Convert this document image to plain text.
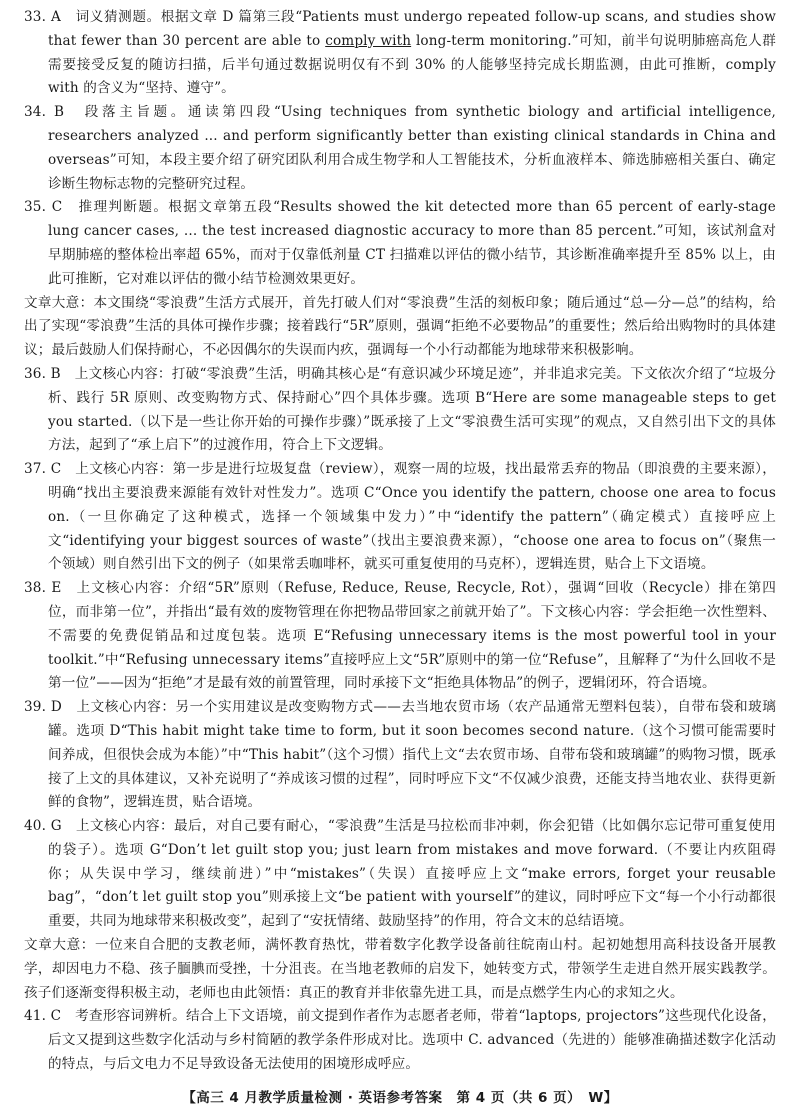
33. A　词义猜测题。根据文章 D 篇第三段“Patients must undergo repeated follow-up scans, and studies show that fewer than 30 percent are able to comply with long-term monitoring.”可知，前半句说明肺癌高危人群需要接受反复的随访扫描，后半句通过数据说明仅有不到 30% 的人能够坚持完成长期监测，由此可推断，comply with 的含义为“坚持、遵守”。

34. B　段落主旨题。通读第四段“Using techniques from synthetic biology and artificial intelligence, researchers analyzed ... and perform significantly better than existing clinical standards in China and overseas”可知，本段主要介绍了研究团队利用合成生物学和人工智能技术，分析血液样本、筛选肺癌相关蛋白、确定诊断生物标志物的完整研究过程。

35. C　推理判断题。根据文章第五段“Results showed the kit detected more than 65 percent of early-stage lung cancer cases, ... the test increased diagnostic accuracy to more than 85 percent.”可知，该试剂盒对早期肺癌的整体检出率超 65%，而对于仅靠低剂量 CT 扫描难以评估的微小结节，其诊断准确率提升至 85% 以上，由此可推断，它对难以评估的微小结节检测效果更好。

文章大意：本文围绕“零浪费”生活方式展开，首先打破人们对“零浪费”生活的刻板印象；随后通过“总—分—总”的结构，给出了实现“零浪费”生活的具体可操作步骤；接着践行“5R”原则，强调“拒绝不必要物品”的重要性；然后给出购物时的具体建议；最后鼓励人们保持耐心，不必因偶尔的失误而内疚，强调每一个小行动都能为地球带来积极影响。

36. B　上文核心内容：打破“零浪费”生活，明确其核心是“有意识减少环境足迹”，并非追求完美。下文依次介绍了“垃圾分析、践行 5R 原则、改变购物方式、保持耐心”四个具体步骤。选项 B“Here are some manageable steps to get you started.（以下是一些让你开始的可操作步骤）”既承接了上文“零浪费生活可实现”的观点，又自然引出下文的具体方法，起到了“承上启下”的过渡作用，符合上下文逻辑。

37. C　上文核心内容：第一步是进行垃圾复盘（review），观察一周的垃圾，找出最常丢弃的物品（即浪费的主要来源），明确“找出主要浪费来源能有效针对性发力”。选项 C“Once you identify the pattern, choose one area to focus on.（一旦你确定了这种模式，选择一个领域集中发力）”中“identify the pattern”（确定模式）直接呼应上文“identifying your biggest sources of waste”（找出主要浪费来源），“choose one area to focus on”（聚焦一个领域）则自然引出下文的例子（如果常丢咖啡杯，就买可重复使用的马克杯），逻辑连贯，贴合上下文语境。

38. E　上文核心内容：介绍“5R”原则（Refuse, Reduce, Reuse, Recycle, Rot），强调“回收（Recycle）排在第四位，而非第一位”，并指出“最有效的废物管理在你把物品带回家之前就开始了”。下文核心内容：学会拒绝一次性塑料、不需要的免费促销品和过度包装。选项 E“Refusing unnecessary items is the most powerful tool in your toolkit.”中“Refusing unnecessary items”直接呼应上文“5R”原则中的第一位“Refuse”，且解释了“为什么回收不是第一位”——因为“拒绝”才是最有效的前置管理，同时承接下文“拒绝具体物品”的例子，逻辑闭环，符合语境。

39. D　上文核心内容：另一个实用建议是改变购物方式——去当地农贸市场（农产品通常无塑料包装），自带布袋和玻璃罐。选项 D“This habit might take time to form, but it soon becomes second nature.（这个习惯可能需要时间养成，但很快会成为本能）”中“This habit”（这个习惯）指代上文“去农贸市场、自带布袋和玻璃罐”的购物习惯，既承接了上文的具体建议，又补充说明了“养成该习惯的过程”，同时呼应下文“不仅减少浪费，还能支持当地农业、获得更新鲜的食物”，逻辑连贯，贴合语境。

40. G　上文核心内容：最后，对自己要有耐心，“零浪费”生活是马拉松而非冲刺，你会犯错（比如偶尔忘记带可重复使用的袋子）。选项 G“Don’t let guilt stop you; just learn from mistakes and move forward.（不要让内疚阻碍你；从失误中学习，继续前进）”中“mistakes”（失误）直接呼应上文“make errors, forget your reusable bag”，“don’t let guilt stop you”则承接上文“be patient with yourself”的建议，同时呼应下文“每一个小行动都很重要，共同为地球带来积极改变”，起到了“安抚情绪、鼓励坚持”的作用，符合文末的总结语境。

文章大意：一位来自合肥的支教老师，满怀教育热忱，带着数字化教学设备前往皖南山村。起初她想用高科技设备开展教学，却因电力不稳、孩子腼腆而受挫，十分沮丧。在当地老教师的启发下，她转变方式，带领学生走进自然开展实践教学。孩子们逐渐变得积极主动，老师也由此领悟：真正的教育并非依靠先进工具，而是点燃学生内心的求知之火。

41. C　考查形容词辨析。结合上下文语境，前文提到作者作为志愿者老师，带着“laptops, projectors”这些现代化设备，后文又提到这些数字化活动与乡村简陋的教学条件形成对比。选项中 C. advanced（先进的）能够准确描述数字化活动的特点，与后文电力不足导致设备无法使用的困境形成呼应。

【高三 4 月教学质量检测 · 英语参考答案　第 4 页（共 6 页）　W】
